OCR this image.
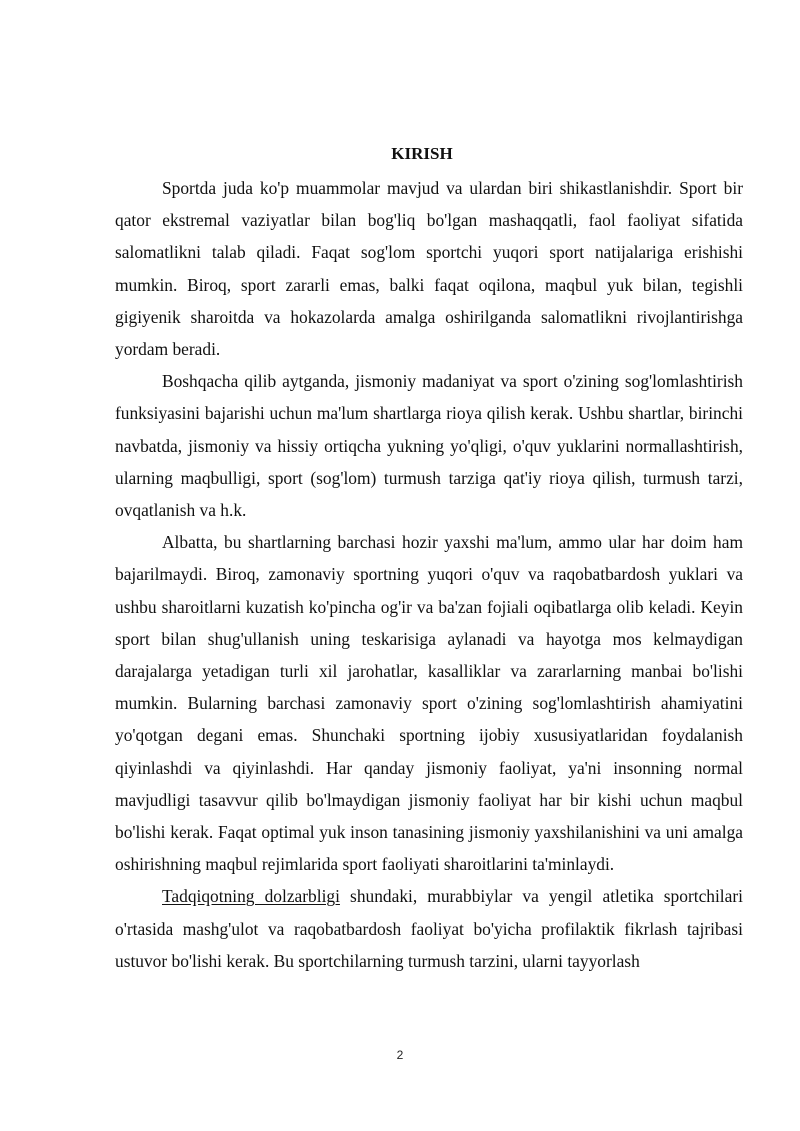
KIRISH

Sportda juda ko'p muammolar mavjud va ulardan biri shikastlanishdir. Sport bir qator ekstremal vaziyatlar bilan bog'liq bo'lgan mashaqqatli, faol faoliyat sifatida salomatlikni talab qiladi. Faqat sog'lom sportchi yuqori sport natijalariga erishishi mumkin. Biroq, sport zararli emas, balki faqat oqilona, maqbul yuk bilan, tegishli gigiyenik sharoitda va hokazolarda amalga oshirilganda salomatlikni rivojlantirishga yordam beradi.

Boshqacha qilib aytganda, jismoniy madaniyat va sport o'zining sog'lomlashtirish funksiyasini bajarishi uchun ma'lum shartlarga rioya qilish kerak. Ushbu shartlar, birinchi navbatda, jismoniy va hissiy ortiqcha yukning yo'qligi, o'quv yuklarini normallashtirish, ularning maqbulligi, sport (sog'lom) turmush tarziga qat'iy rioya qilish, turmush tarzi, ovqatlanish va h.k.

Albatta, bu shartlarning barchasi hozir yaxshi ma'lum, ammo ular har doim ham bajarilmaydi. Biroq, zamonaviy sportning yuqori o'quv va raqobatbardosh yuklari va ushbu sharoitlarni kuzatish ko'pincha og'ir va ba'zan fojiali oqibatlarga olib keladi. Keyin sport bilan shug'ullanish uning teskarisiga aylanadi va hayotga mos kelmaydigan darajalarga yetadigan turli xil jarohatlar, kasalliklar va zararlarning manbai bo'lishi mumkin. Bularning barchasi zamonaviy sport o'zining sog'lomlashtirish ahamiyatini yo'qotgan degani emas. Shunchaki sportning ijobiy xususiyatlaridan foydalanish qiyinlashdi va qiyinlashdi. Har qanday jismoniy faoliyat, ya'ni insonning normal mavjudligi tasavvur qilib bo'lmaydigan jismoniy faoliyat har bir kishi uchun maqbul bo'lishi kerak. Faqat optimal yuk inson tanasining jismoniy yaxshilanishini va uni amalga oshirishning maqbul rejimlarida sport faoliyati sharoitlarini ta'minlaydi.

Tadqiqotning dolzarbligi shundaki, murabbiylar va yengil atletika sportchilari o'rtasida mashg'ulot va raqobatbardosh faoliyat bo'yicha profilaktik fikrlash tajribasi ustuvor bo'lishi kerak. Bu sportchilarning turmush tarzini, ularni tayyorlash

2
